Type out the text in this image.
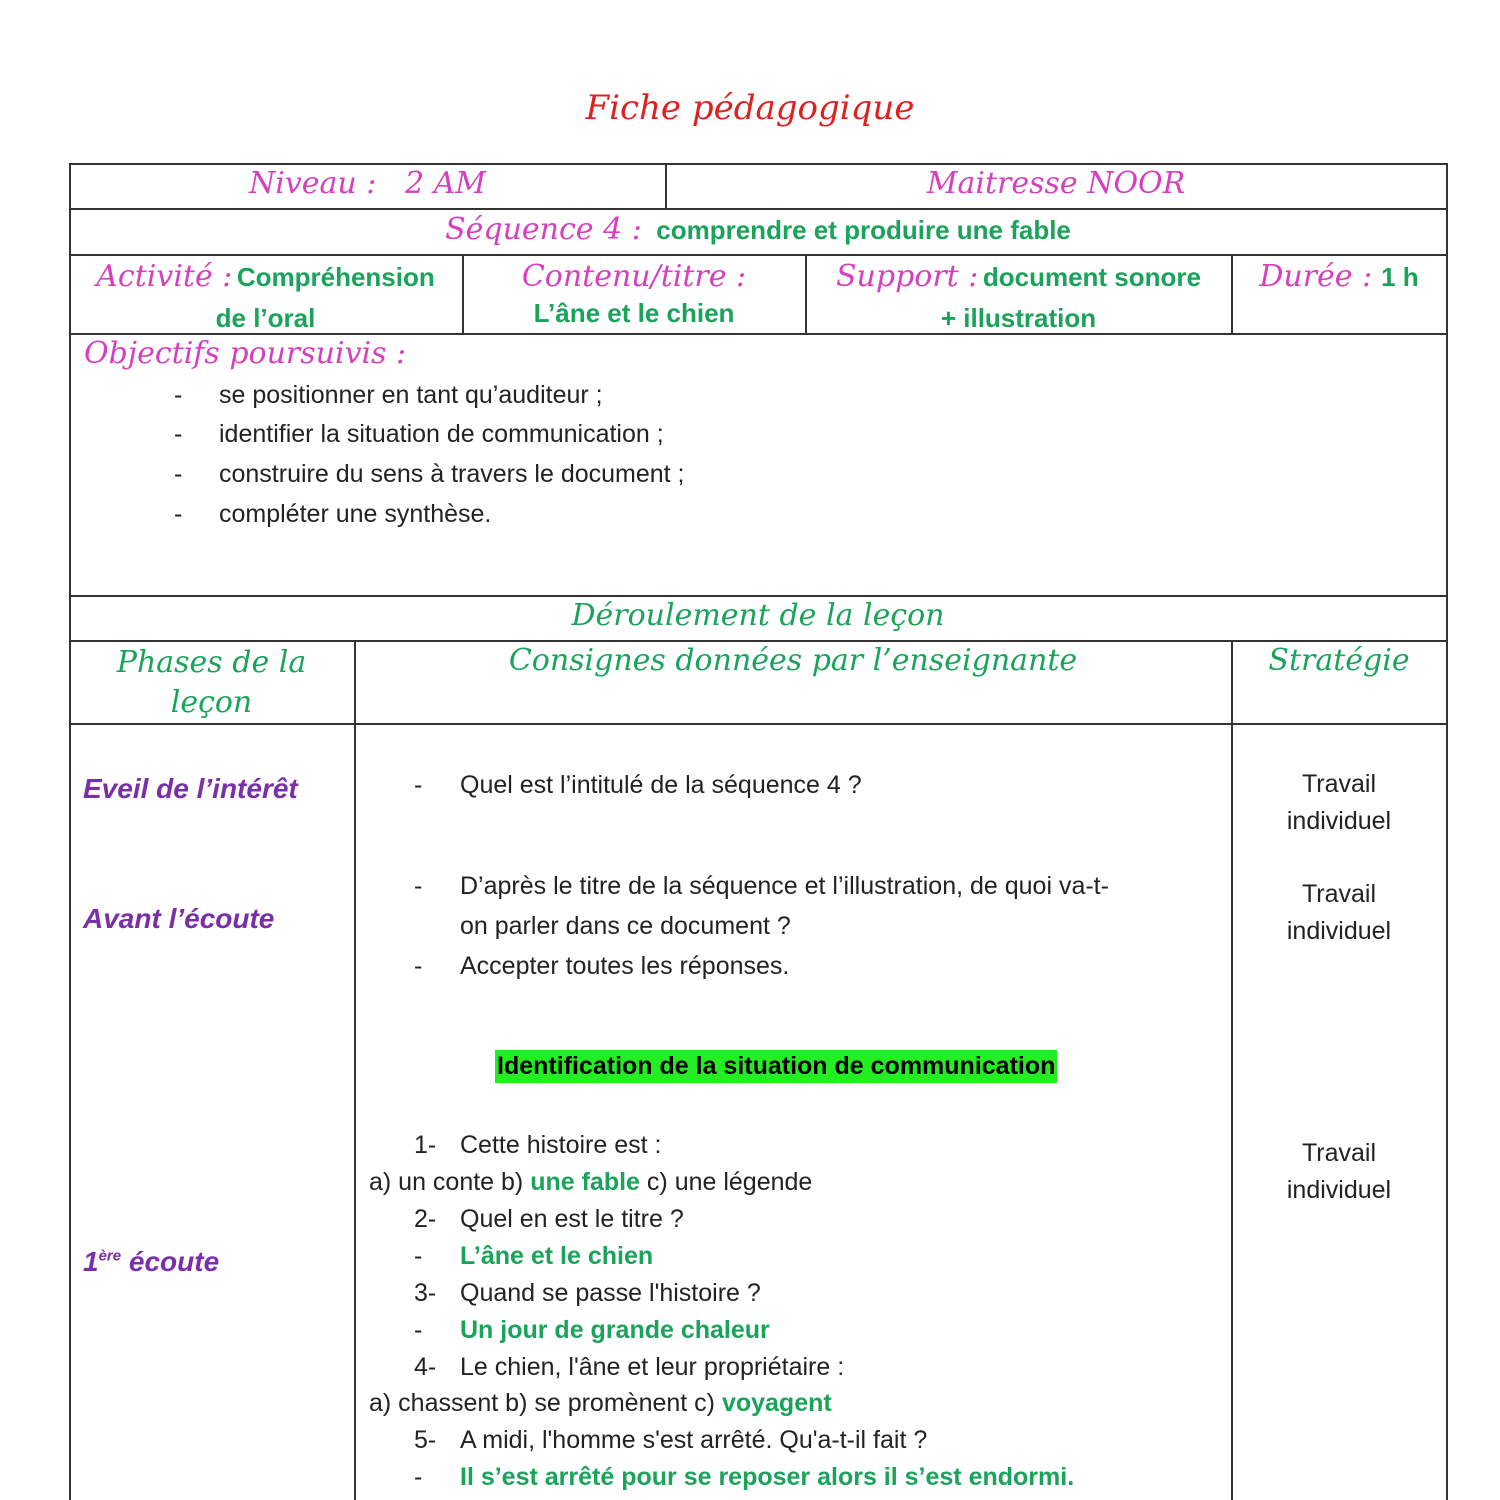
Fiche pédagogique
Niveau : 2 AM	Maitresse NOOR
Séquence 4 : comprendre et produire une fable
Activité : Compréhension
de l’oral
Contenu/titre :
L’âne et le chien
Support : document sonore
+ illustration
Durée : 1 h
Objectifs poursuivis :
- se positionner en tant qu’auditeur ;
- identifier la situation de communication ;
- construire du sens à travers le document ;
- compléter une synthèse.
Déroulement de la leçon
Phases de la
leçon
Consignes données par l’enseignante	Stratégie
Eveil de l’intérêt
Avant l’écoute
1ère écoute
- Quel est l’intitulé de la séquence 4 ?
- D’après le titre de la séquence et l’illustration, de quoi va-t-
on parler dans ce document ?
- Accepter toutes les réponses.
Identification de la situation de communication
1- Cette histoire est :
a) un conte b) une fable c) une légende
2- Quel en est le titre ?
- L’âne et le chien
3- Quand se passe l'histoire ?
- Un jour de grande chaleur
4- Le chien, l'âne et leur propriétaire :
a) chassent b) se promènent c) voyagent
5- A midi, l'homme s'est arrêté. Qu'a-t-il fait ?
- Il s’est arrêté pour se reposer alors il s’est endormi.
Travail
individuel
Travail
individuel
Travail
individuel
